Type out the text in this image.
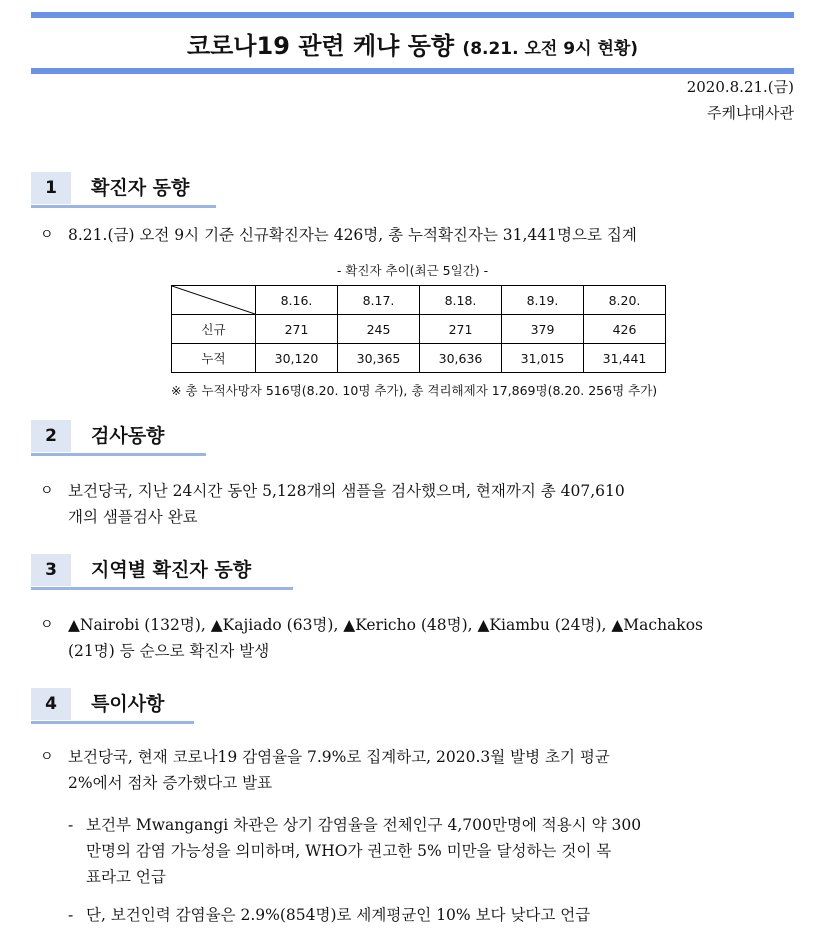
코로나19 관련 케냐 동향 (8.21. 오전 9시 현황)
2020.8.21.(금)
주케냐대사관
1	확진자 동향
ㅇ 8.21.(금) 오전 9시 기준 신규확진자는 426명, 총 누적확진자는 31,441명으로 집계
- 확진자 추이(최근 5일간) -
	8.16.	8.17.	8.18.	8.19.	8.20.
신규	271	245	271	379	426
누적	30,120	30,365	30,636	31,015	31,441
※ 총 누적사망자 516명(8.20. 10명 추가), 총 격리해제자 17,869명(8.20. 256명 추가)
2	검사동향
ㅇ 보건당국, 지난 24시간 동안 5,128개의 샘플을 검사했으며, 현재까지 총 407,610
개의 샘플검사 완료
3	지역별 확진자 동향
ㅇ ▲Nairobi (132명), ▲Kajiado (63명), ▲Kericho (48명), ▲Kiambu (24명), ▲Machakos
(21명) 등 순으로 확진자 발생
4	특이사항
ㅇ 보건당국, 현재 코로나19 감염율을 7.9%로 집계하고, 2020.3월 발병 초기 평균
2%에서 점차 증가했다고 발표
- 보건부 Mwangangi 차관은 상기 감염율을 전체인구 4,700만명에 적용시 약 300
만명의 감염 가능성을 의미하며, WHO가 권고한 5% 미만을 달성하는 것이 목
표라고 언급
- 단, 보건인력 감염율은 2.9%(854명)로 세계평균인 10% 보다 낮다고 언급
